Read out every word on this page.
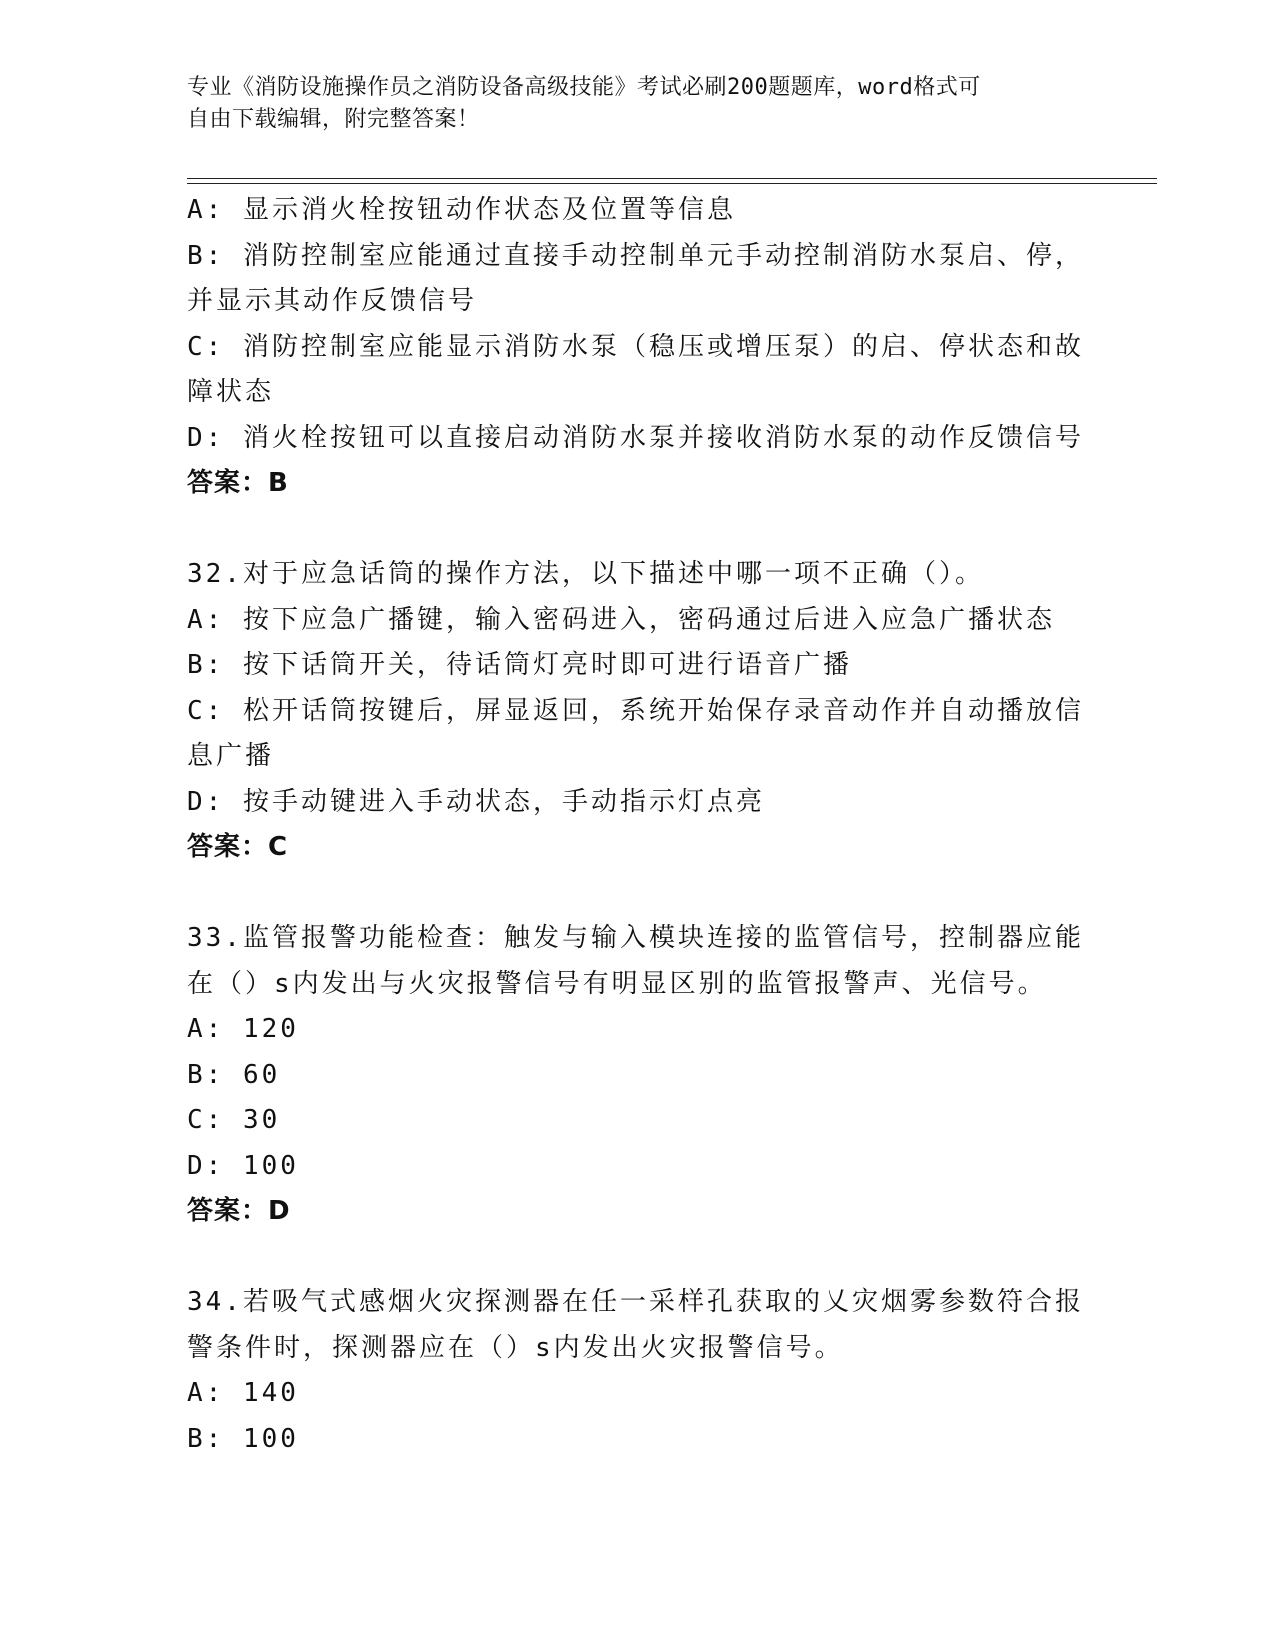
专业《消防设施操作员之消防设备高级技能》考试必刷200题题库，word格式可
自由下载编辑，附完整答案！
A: 显示消火栓按钮动作状态及位置等信息
B: 消防控制室应能通过直接手动控制单元手动控制消防水泵启、停，
并显示其动作反馈信号
C: 消防控制室应能显示消防水泵（稳压或增压泵）的启、停状态和故
障状态
D: 消火栓按钮可以直接启动消防水泵并接收消防水泵的动作反馈信号
答案：B
32.对于应急话筒的操作方法，以下描述中哪一项不正确（）。
A: 按下应急广播键，输入密码进入，密码通过后进入应急广播状态
B: 按下话筒开关，待话筒灯亮时即可进行语音广播
C: 松开话筒按键后，屏显返回，系统开始保存录音动作并自动播放信
息广播
D: 按手动键进入手动状态，手动指示灯点亮
答案：C
33.监管报警功能检查：触发与输入模块连接的监管信号，控制器应能
在（）s内发出与火灾报警信号有明显区别的监管报警声、光信号。
A: 120
B: 60
C: 30
D: 100
答案：D
34.若吸气式感烟火灾探测器在任一采样孔获取的乂灾烟雾参数符合报
警条件时，探测器应在（）s内发出火灾报警信号。
A: 140
B: 100
